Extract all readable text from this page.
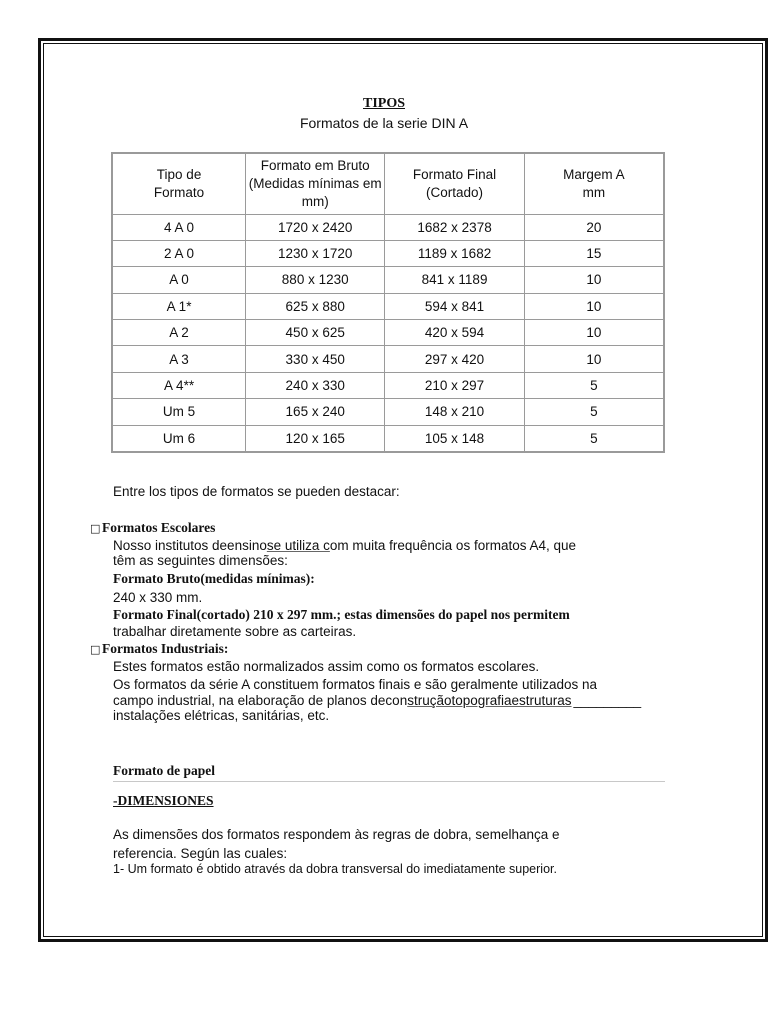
TIPOS
Formatos de la serie DIN A
Tipo de Formato	Formato em Bruto (Medidas mínimas em mm)	Formato Final (Cortado)	Margem A mm
4 A 0	1720 x 2420	1682 x 2378	20
2 A 0	1230 x 1720	1189 x 1682	15
A 0	880 x 1230	841 x 1189	10
A 1*	625 x 880	594 x 841	10
A 2	450 x 625	420 x 594	10
A 3	330 x 450	297 x 420	10
A 4**	240 x 330	210 x 297	5
Um 5	165 x 240	148 x 210	5
Um 6	120 x 165	105 x 148	5
Entre los tipos de formatos se pueden destacar:
□ Formatos Escolares
Nosso institutos deensinose utiliza com muita frequência os formatos A4, que
têm as seguintes dimensões:
Formato Bruto(medidas mínimas):
240 x 330 mm.
Formato Final(cortado) 210 x 297 mm.; estas dimensões do papel nos permitem
trabalhar diretamente sobre as carteiras.
□ Formatos Industriais:
Estes formatos estão normalizados assim como os formatos escolares.
Os formatos da série A constituem formatos finais e são geralmente utilizados na
campo industrial, na elaboração de planos deconstruçãotopografiaestruturas _________
instalações elétricas, sanitárias, etc.
Formato de papel
-DIMENSIONES
As dimensões dos formatos respondem às regras de dobra, semelhança e
referencia. Según las cuales:
1- Um formato é obtido através da dobra transversal do imediatamente superior.
